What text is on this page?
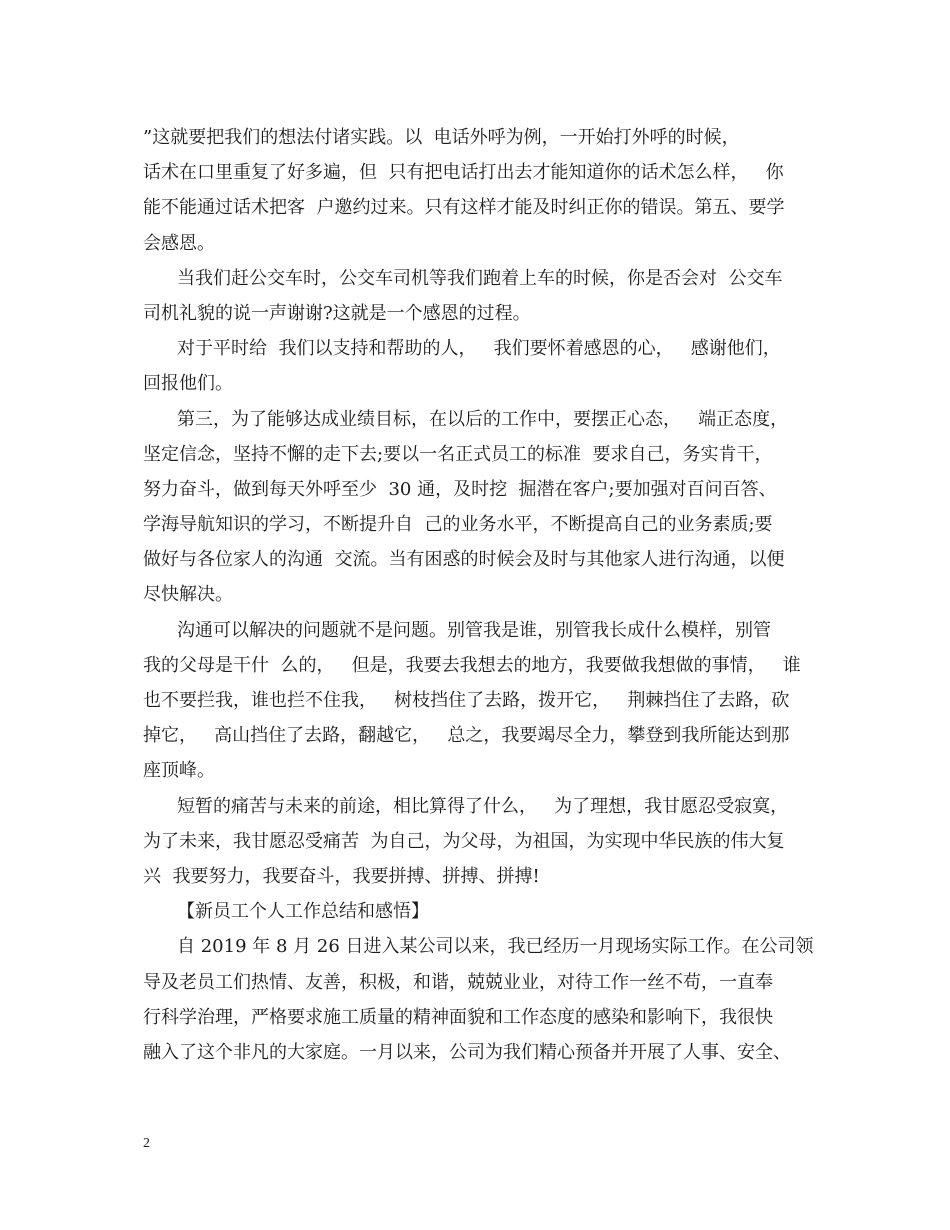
”这就要把我们的想法付诸实践。以  电话外呼为例，一开始打外呼的时候，
话术在口里重复了好多遍，但  只有把电话打出去才能知道你的话术怎么样，   你
能不能通过话术把客  户邀约过来。只有这样才能及时纠正你的错误。第五、要学
会感恩。
当我们赶公交车时，公交车司机等我们跑着上车的时候，你是否会对  公交车
司机礼貌的说一声谢谢?这就是一个感恩的过程。
对于平时给  我们以支持和帮助的人，   我们要怀着感恩的心，   感谢他们，
回报他们。
第三，为了能够达成业绩目标，在以后的工作中，要摆正心态，   端正态度，
坚定信念，坚持不懈的走下去;要以一名正式员工的标准  要求自己，务实肯干，
努力奋斗，做到每天外呼至少  30 通，及时挖  掘潜在客户;要加强对百问百答、
学海导航知识的学习，不断提升自  己的业务水平，不断提高自己的业务素质;要
做好与各位家人的沟通  交流。当有困惑的时候会及时与其他家人进行沟通，以便
尽快解决。
沟通可以解决的问题就不是问题。别管我是谁，别管我长成什么模样，别管
我的父母是干什  么的，   但是，我要去我想去的地方，我要做我想做的事情，   谁
也不要拦我，谁也拦不住我，   树枝挡住了去路，拨开它，   荆棘挡住了去路，砍
掉它，   高山挡住了去路，翻越它，   总之，我要竭尽全力，攀登到我所能达到那
座顶峰。
短暂的痛苦与未来的前途，相比算得了什么，   为了理想，我甘愿忍受寂寞，
为了未来，我甘愿忍受痛苦  为自己，为父母，为祖国，为实现中华民族的伟大复
兴  我要努力，我要奋斗，我要拼搏、拼搏、拼搏!
【新员工个人工作总结和感悟】
自 2019 年 8 月 26 日进入某公司以来，我已经历一月现场实际工作。在公司领
导及老员工们热情、友善，积极，和谐，兢兢业业，对待工作一丝不苟，一直奉
行科学治理，严格要求施工质量的精神面貌和工作态度的感染和影响下，我很快
融入了这个非凡的大家庭。一月以来，公司为我们精心预备并开展了人事、安全、
2
